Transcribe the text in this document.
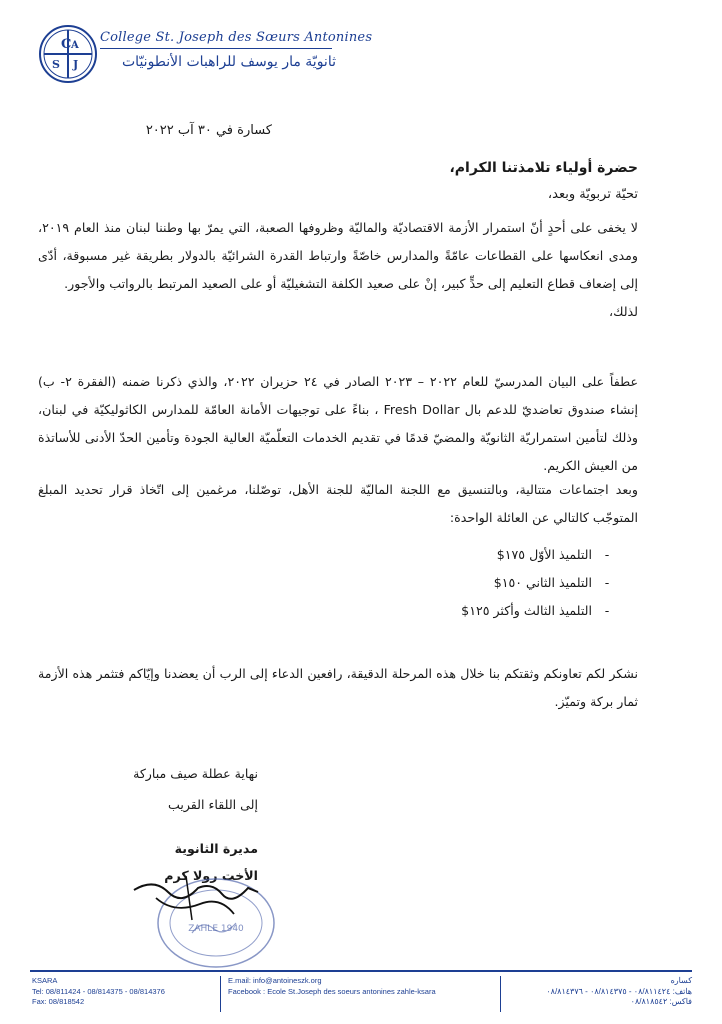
C A
S J
College St. Joseph des Sœurs Antonines
ثانويّة مار يوسف للراهبات الأنطونيّات
كسارة في ٣٠ آب ٢٠٢٢
حضرة أولياء تلامذتنا الكرام،
تحيّة تربويّة وبعد،
لا يخفى على أحدٍ أنّ استمرار الأزمة الاقتصاديّة والماليّة وظروفها الصعبة، التي يمرّ بها وطننا لبنان منذ العام ٢٠١٩، ومدى انعكاسها على القطاعات عامّةً والمدارس خاصّةً وارتباط القدرة الشرائيّة بالدولار بطريقة غير مسبوقة، أدّى إلى إضعاف قطاع التعليم إلى حدٍّ كبير، إنْ على صعيد الكلفة التشغيليّة أو على الصعيد المرتبط بالرواتب والأجور.
لذلك،
عطفاً على البيان المدرسيّ للعام ٢٠٢٢ – ٢٠٢٣ الصادر في ٢٤ حزيران ٢٠٢٢، والذي ذكرنا ضمنه (الفقرة ٢- ب) إنشاء صندوق تعاضديّ للدعم بال Fresh Dollar ، بناءً على توجيهات الأمانة العامّة للمدارس الكاثوليكيّة في لبنان، وذلك لتأمين استمراريّة الثانويّة والمضيّ قدمًا في تقديم الخدمات التعلّميّة العالية الجودة وتأمين الحدّ الأدنى للأساتذة من العيش الكريم.
وبعد اجتماعات متتالية، وبالتنسيق مع اللجنة الماليّة للجنة الأهل، توصّلنا، مرغمين إلى اتّخاذ قرار تحديد المبلغ المتوجّب كالتالي عن العائلة الواحدة:
-
التلميذ الأوّل ١٧٥$
-
التلميذ الثاني ١٥٠$
-
التلميذ الثالث وأكثر ١٢٥$
نشكر لكم تعاونكم وثقتكم بنا خلال هذه المرحلة الدقيقة، رافعين الدعاء إلى الرب أن يعضدنا وإيّاكم فتثمر هذه الأزمة ثمار بركة وتميّز.
نهاية عطلة صيف مباركة
إلى اللقاء القريب
مديرة الثانوية
الأخت رولا كرم
ZAHLE 1940
KSARA
Tel: 08/811424 - 08/814375 - 08/814376
Fax: 08/818542
E.mail: info@antoineszk.org
Facebook : Ecole St.Joseph des soeurs antonines zahle-ksara
كساره
هاتف: ٠٨/٨١١٤٢٤ - ٠٨/٨١٤٣٧٥ - ٠٨/٨١٤٣٧٦
فاكس: ٠٨/٨١٨٥٤٢
